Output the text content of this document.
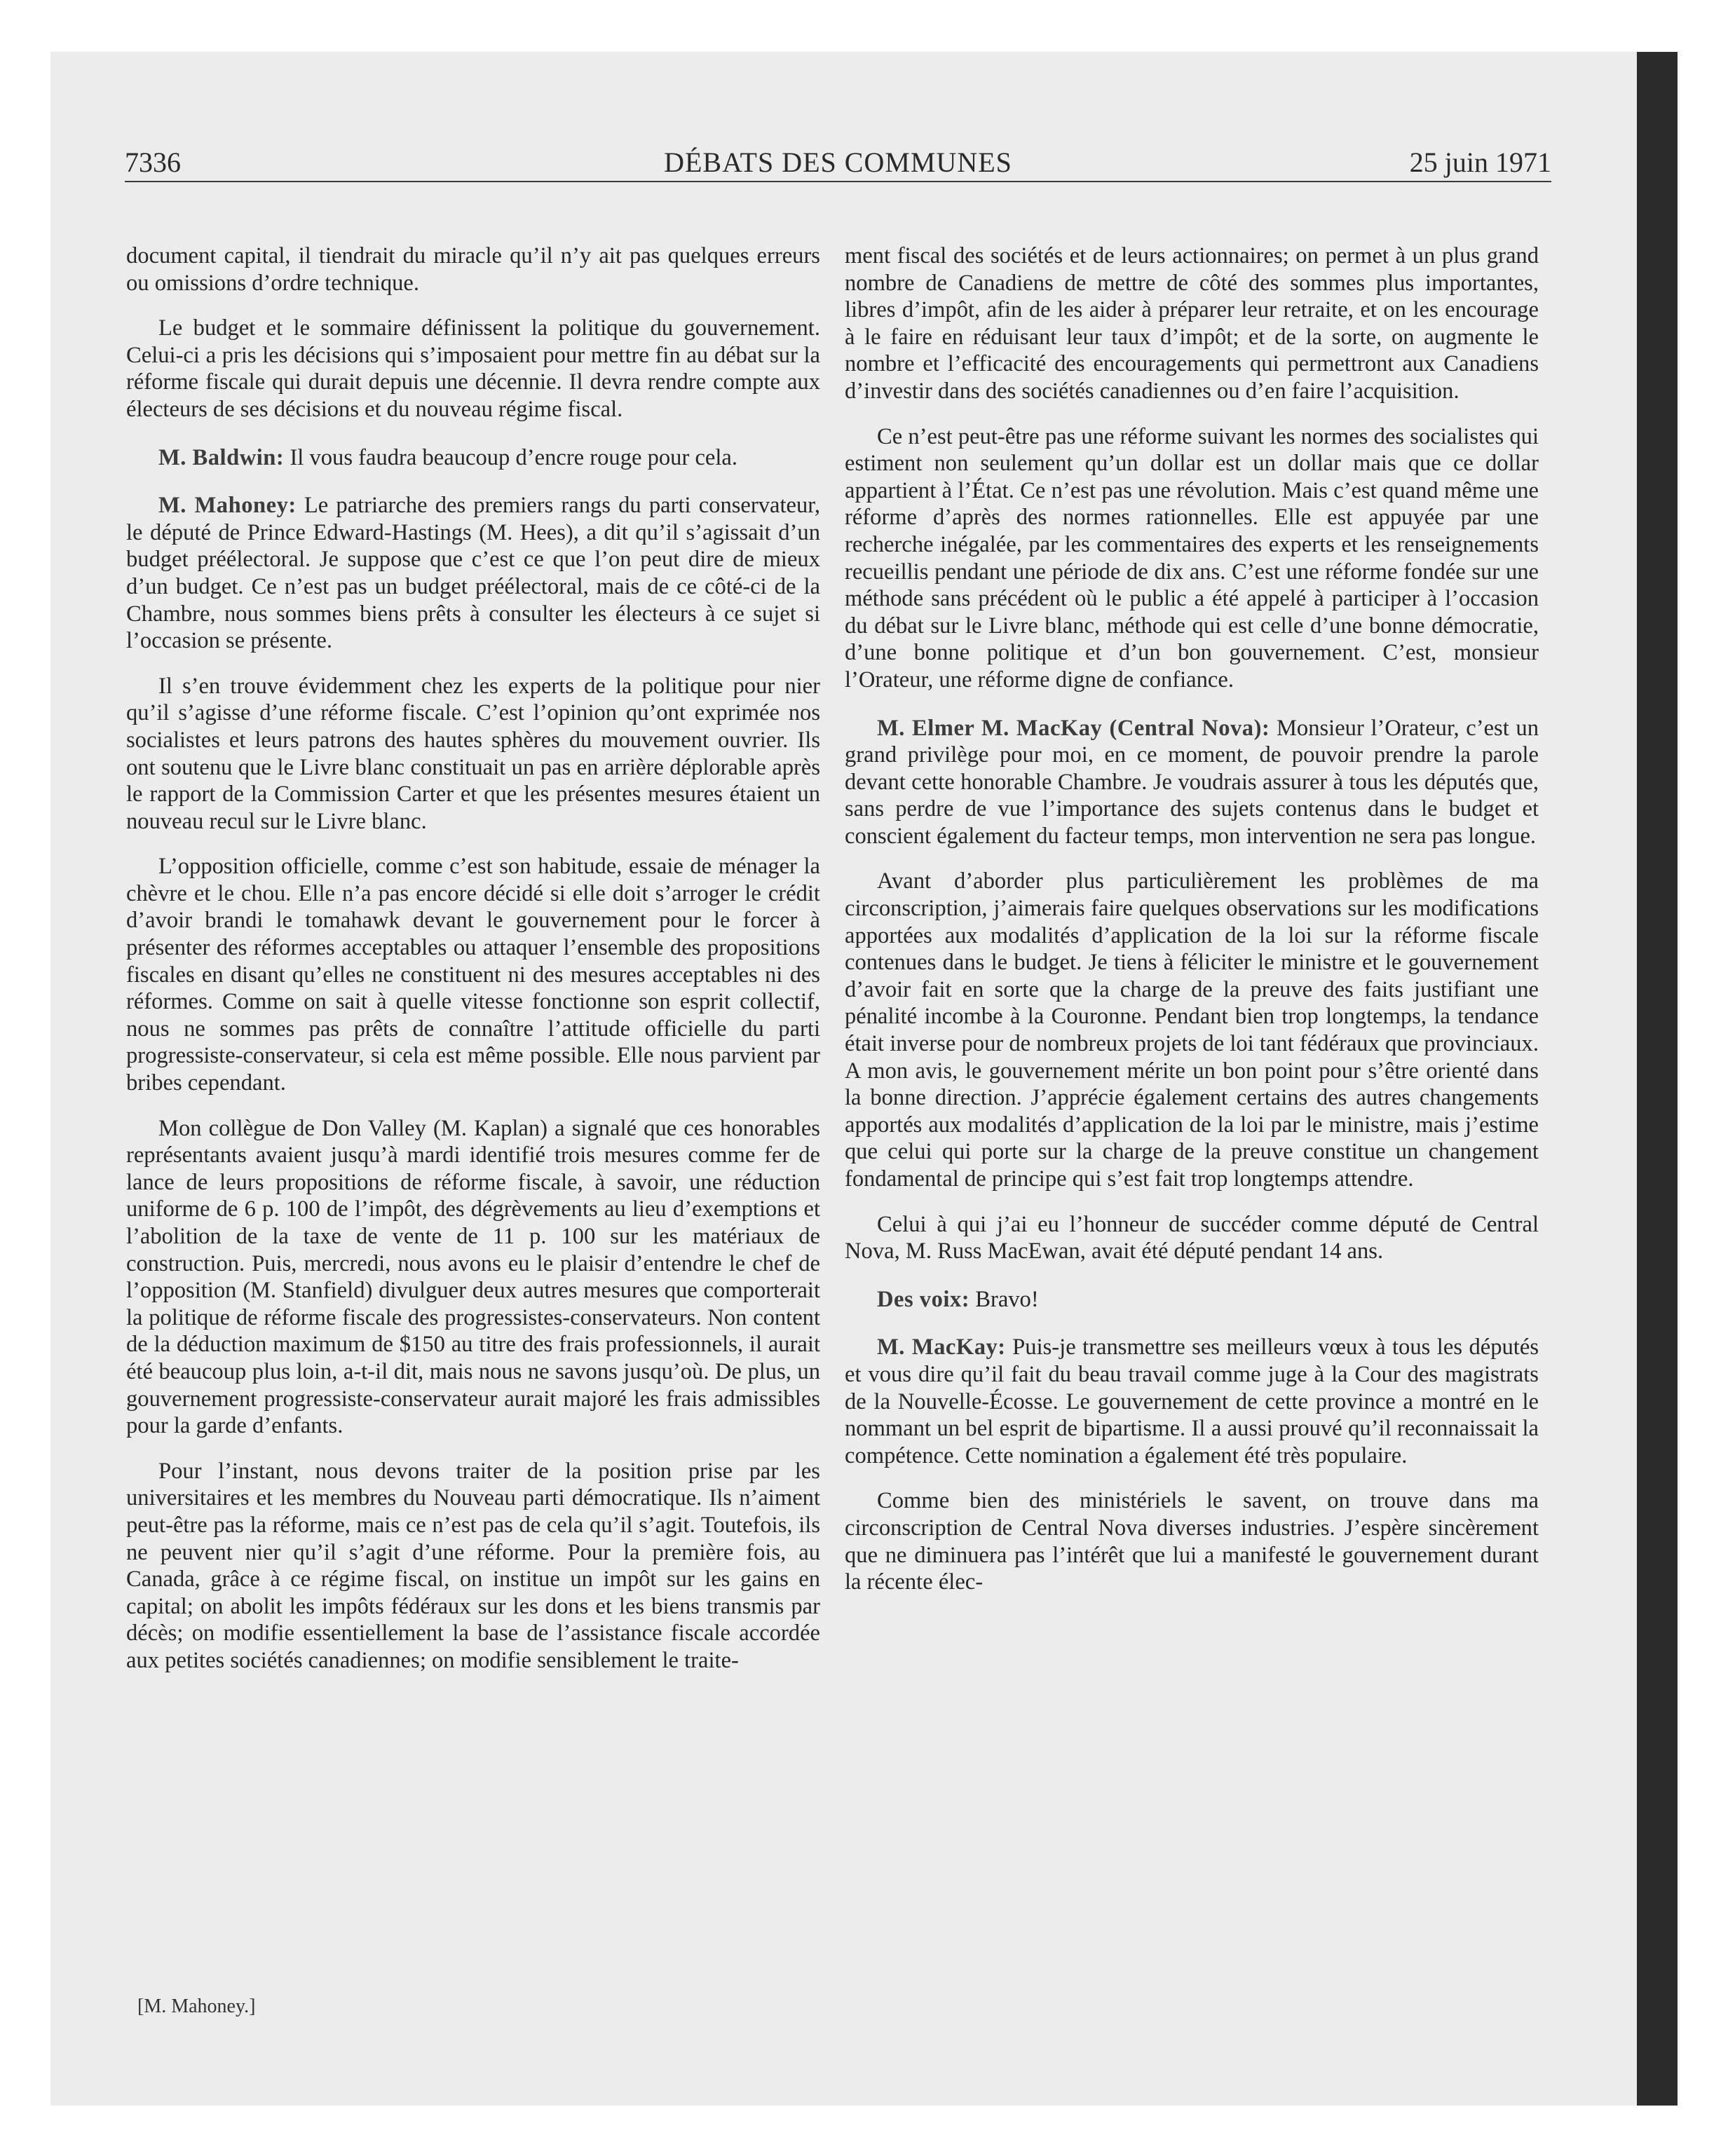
7336	DÉBATS DES COMMUNES	25 juin 1971

document capital, il tiendrait du miracle qu’il n’y ait pas quelques erreurs ou omissions d’ordre technique.

Le budget et le sommaire définissent la politique du gouvernement. Celui-ci a pris les décisions qui s’imposaient pour mettre fin au débat sur la réforme fiscale qui durait depuis une décennie. Il devra rendre compte aux électeurs de ses décisions et du nouveau régime fiscal.

M. Baldwin: Il vous faudra beaucoup d’encre rouge pour cela.

M. Mahoney: Le patriarche des premiers rangs du parti conservateur, le député de Prince Edward-Hastings (M. Hees), a dit qu’il s’agissait d’un budget préélectoral. Je suppose que c’est ce que l’on peut dire de mieux d’un budget. Ce n’est pas un budget préélectoral, mais de ce côté-ci de la Chambre, nous sommes biens prêts à consulter les électeurs à ce sujet si l’occasion se présente.

Il s’en trouve évidemment chez les experts de la politique pour nier qu’il s’agisse d’une réforme fiscale. C’est l’opinion qu’ont exprimée nos socialistes et leurs patrons des hautes sphères du mouvement ouvrier. Ils ont soutenu que le Livre blanc constituait un pas en arrière déplorable après le rapport de la Commission Carter et que les présentes mesures étaient un nouveau recul sur le Livre blanc.

L’opposition officielle, comme c’est son habitude, essaie de ménager la chèvre et le chou. Elle n’a pas encore décidé si elle doit s’arroger le crédit d’avoir brandi le tomahawk devant le gouvernement pour le forcer à présenter des réformes acceptables ou attaquer l’ensemble des propositions fiscales en disant qu’elles ne constituent ni des mesures acceptables ni des réformes. Comme on sait à quelle vitesse fonctionne son esprit collectif, nous ne sommes pas prêts de connaître l’attitude officielle du parti progressiste-conservateur, si cela est même possible. Elle nous parvient par bribes cependant.

Mon collègue de Don Valley (M. Kaplan) a signalé que ces honorables représentants avaient jusqu’à mardi identifié trois mesures comme fer de lance de leurs propositions de réforme fiscale, à savoir, une réduction uniforme de 6 p. 100 de l’impôt, des dégrèvements au lieu d’exemptions et l’abolition de la taxe de vente de 11 p. 100 sur les matériaux de construction. Puis, mercredi, nous avons eu le plaisir d’entendre le chef de l’opposition (M. Stanfield) divulguer deux autres mesures que comporterait la politique de réforme fiscale des progressistes-conservateurs. Non content de la déduction maximum de $150 au titre des frais professionnels, il aurait été beaucoup plus loin, a-t-il dit, mais nous ne savons jusqu’où. De plus, un gouvernement progressiste-conservateur aurait majoré les frais admissibles pour la garde d’enfants.

Pour l’instant, nous devons traiter de la position prise par les universitaires et les membres du Nouveau parti démocratique. Ils n’aiment peut-être pas la réforme, mais ce n’est pas de cela qu’il s’agit. Toutefois, ils ne peuvent nier qu’il s’agit d’une réforme. Pour la première fois, au Canada, grâce à ce régime fiscal, on institue un impôt sur les gains en capital; on abolit les impôts fédéraux sur les dons et les biens transmis par décès; on modifie essentiellement la base de l’assistance fiscale accordée aux petites sociétés canadiennes; on modifie sensiblement le traite-

[M. Mahoney.]

ment fiscal des sociétés et de leurs actionnaires; on permet à un plus grand nombre de Canadiens de mettre de côté des sommes plus importantes, libres d’impôt, afin de les aider à préparer leur retraite, et on les encourage à le faire en réduisant leur taux d’impôt; et de la sorte, on augmente le nombre et l’efficacité des encouragements qui permettront aux Canadiens d’investir dans des sociétés canadiennes ou d’en faire l’acquisition.

Ce n’est peut-être pas une réforme suivant les normes des socialistes qui estiment non seulement qu’un dollar est un dollar mais que ce dollar appartient à l’État. Ce n’est pas une révolution. Mais c’est quand même une réforme d’après des normes rationnelles. Elle est appuyée par une recherche inégalée, par les commentaires des experts et les renseignements recueillis pendant une période de dix ans. C’est une réforme fondée sur une méthode sans précédent où le public a été appelé à participer à l’occasion du débat sur le Livre blanc, méthode qui est celle d’une bonne démocratie, d’une bonne politique et d’un bon gouvernement. C’est, monsieur l’Orateur, une réforme digne de confiance.

M. Elmer M. MacKay (Central Nova): Monsieur l’Orateur, c’est un grand privilège pour moi, en ce moment, de pouvoir prendre la parole devant cette honorable Chambre. Je voudrais assurer à tous les députés que, sans perdre de vue l’importance des sujets contenus dans le budget et conscient également du facteur temps, mon intervention ne sera pas longue.

Avant d’aborder plus particulièrement les problèmes de ma circonscription, j’aimerais faire quelques observations sur les modifications apportées aux modalités d’application de la loi sur la réforme fiscale contenues dans le budget. Je tiens à féliciter le ministre et le gouvernement d’avoir fait en sorte que la charge de la preuve des faits justifiant une pénalité incombe à la Couronne. Pendant bien trop longtemps, la tendance était inverse pour de nombreux projets de loi tant fédéraux que provinciaux. A mon avis, le gouvernement mérite un bon point pour s’être orienté dans la bonne direction. J’apprécie également certains des autres changements apportés aux modalités d’application de la loi par le ministre, mais j’estime que celui qui porte sur la charge de la preuve constitue un changement fondamental de principe qui s’est fait trop longtemps attendre.

Celui à qui j’ai eu l’honneur de succéder comme député de Central Nova, M. Russ MacEwan, avait été député pendant 14 ans.

Des voix: Bravo!

M. MacKay: Puis-je transmettre ses meilleurs vœux à tous les députés et vous dire qu’il fait du beau travail comme juge à la Cour des magistrats de la Nouvelle-Écosse. Le gouvernement de cette province a montré en le nommant un bel esprit de bipartisme. Il a aussi prouvé qu’il reconnaissait la compétence. Cette nomination a également été très populaire.

Comme bien des ministériels le savent, on trouve dans ma circonscription de Central Nova diverses industries. J’espère sincèrement que ne diminuera pas l’intérêt que lui a manifesté le gouvernement durant la récente élec-
